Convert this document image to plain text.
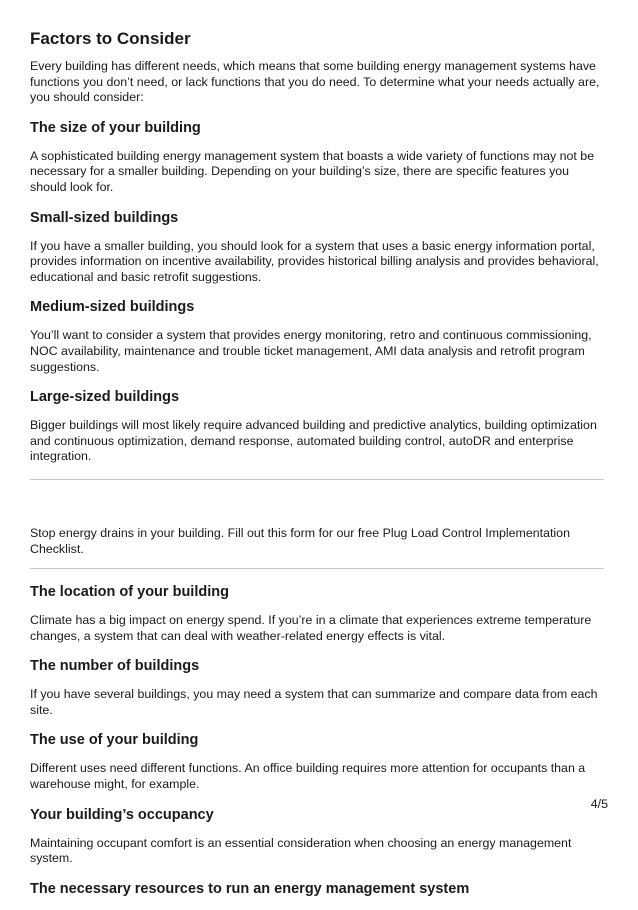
Factors to Consider

Every building has different needs, which means that some building energy management systems have functions you don’t need, or lack functions that you do need. To determine what your needs actually are, you should consider:

The size of your building

A sophisticated building energy management system that boasts a wide variety of functions may not be necessary for a smaller building. Depending on your building’s size, there are specific features you should look for.

Small-sized buildings

If you have a smaller building, you should look for a system that uses a basic energy information portal, provides information on incentive availability, provides historical billing analysis and provides behavioral, educational and basic retrofit suggestions.

Medium-sized buildings

You’ll want to consider a system that provides energy monitoring, retro and continuous commissioning, NOC availability, maintenance and trouble ticket management, AMI data analysis and retrofit program suggestions.

Large-sized buildings

Bigger buildings will most likely require advanced building and predictive analytics, building optimization and continuous optimization, demand response, automated building control, autoDR and enterprise integration.

Stop energy drains in your building. Fill out this form for our free Plug Load Control Implementation Checklist.

The location of your building

Climate has a big impact on energy spend. If you’re in a climate that experiences extreme temperature changes, a system that can deal with weather-related energy effects is vital.

The number of buildings

If you have several buildings, you may need a system that can summarize and compare data from each site.

The use of your building

Different uses need different functions. An office building requires more attention for occupants than a warehouse might, for example.

Your building’s occupancy

Maintaining occupant comfort is an essential consideration when choosing an energy management system.

The necessary resources to run an energy management system
4/5
